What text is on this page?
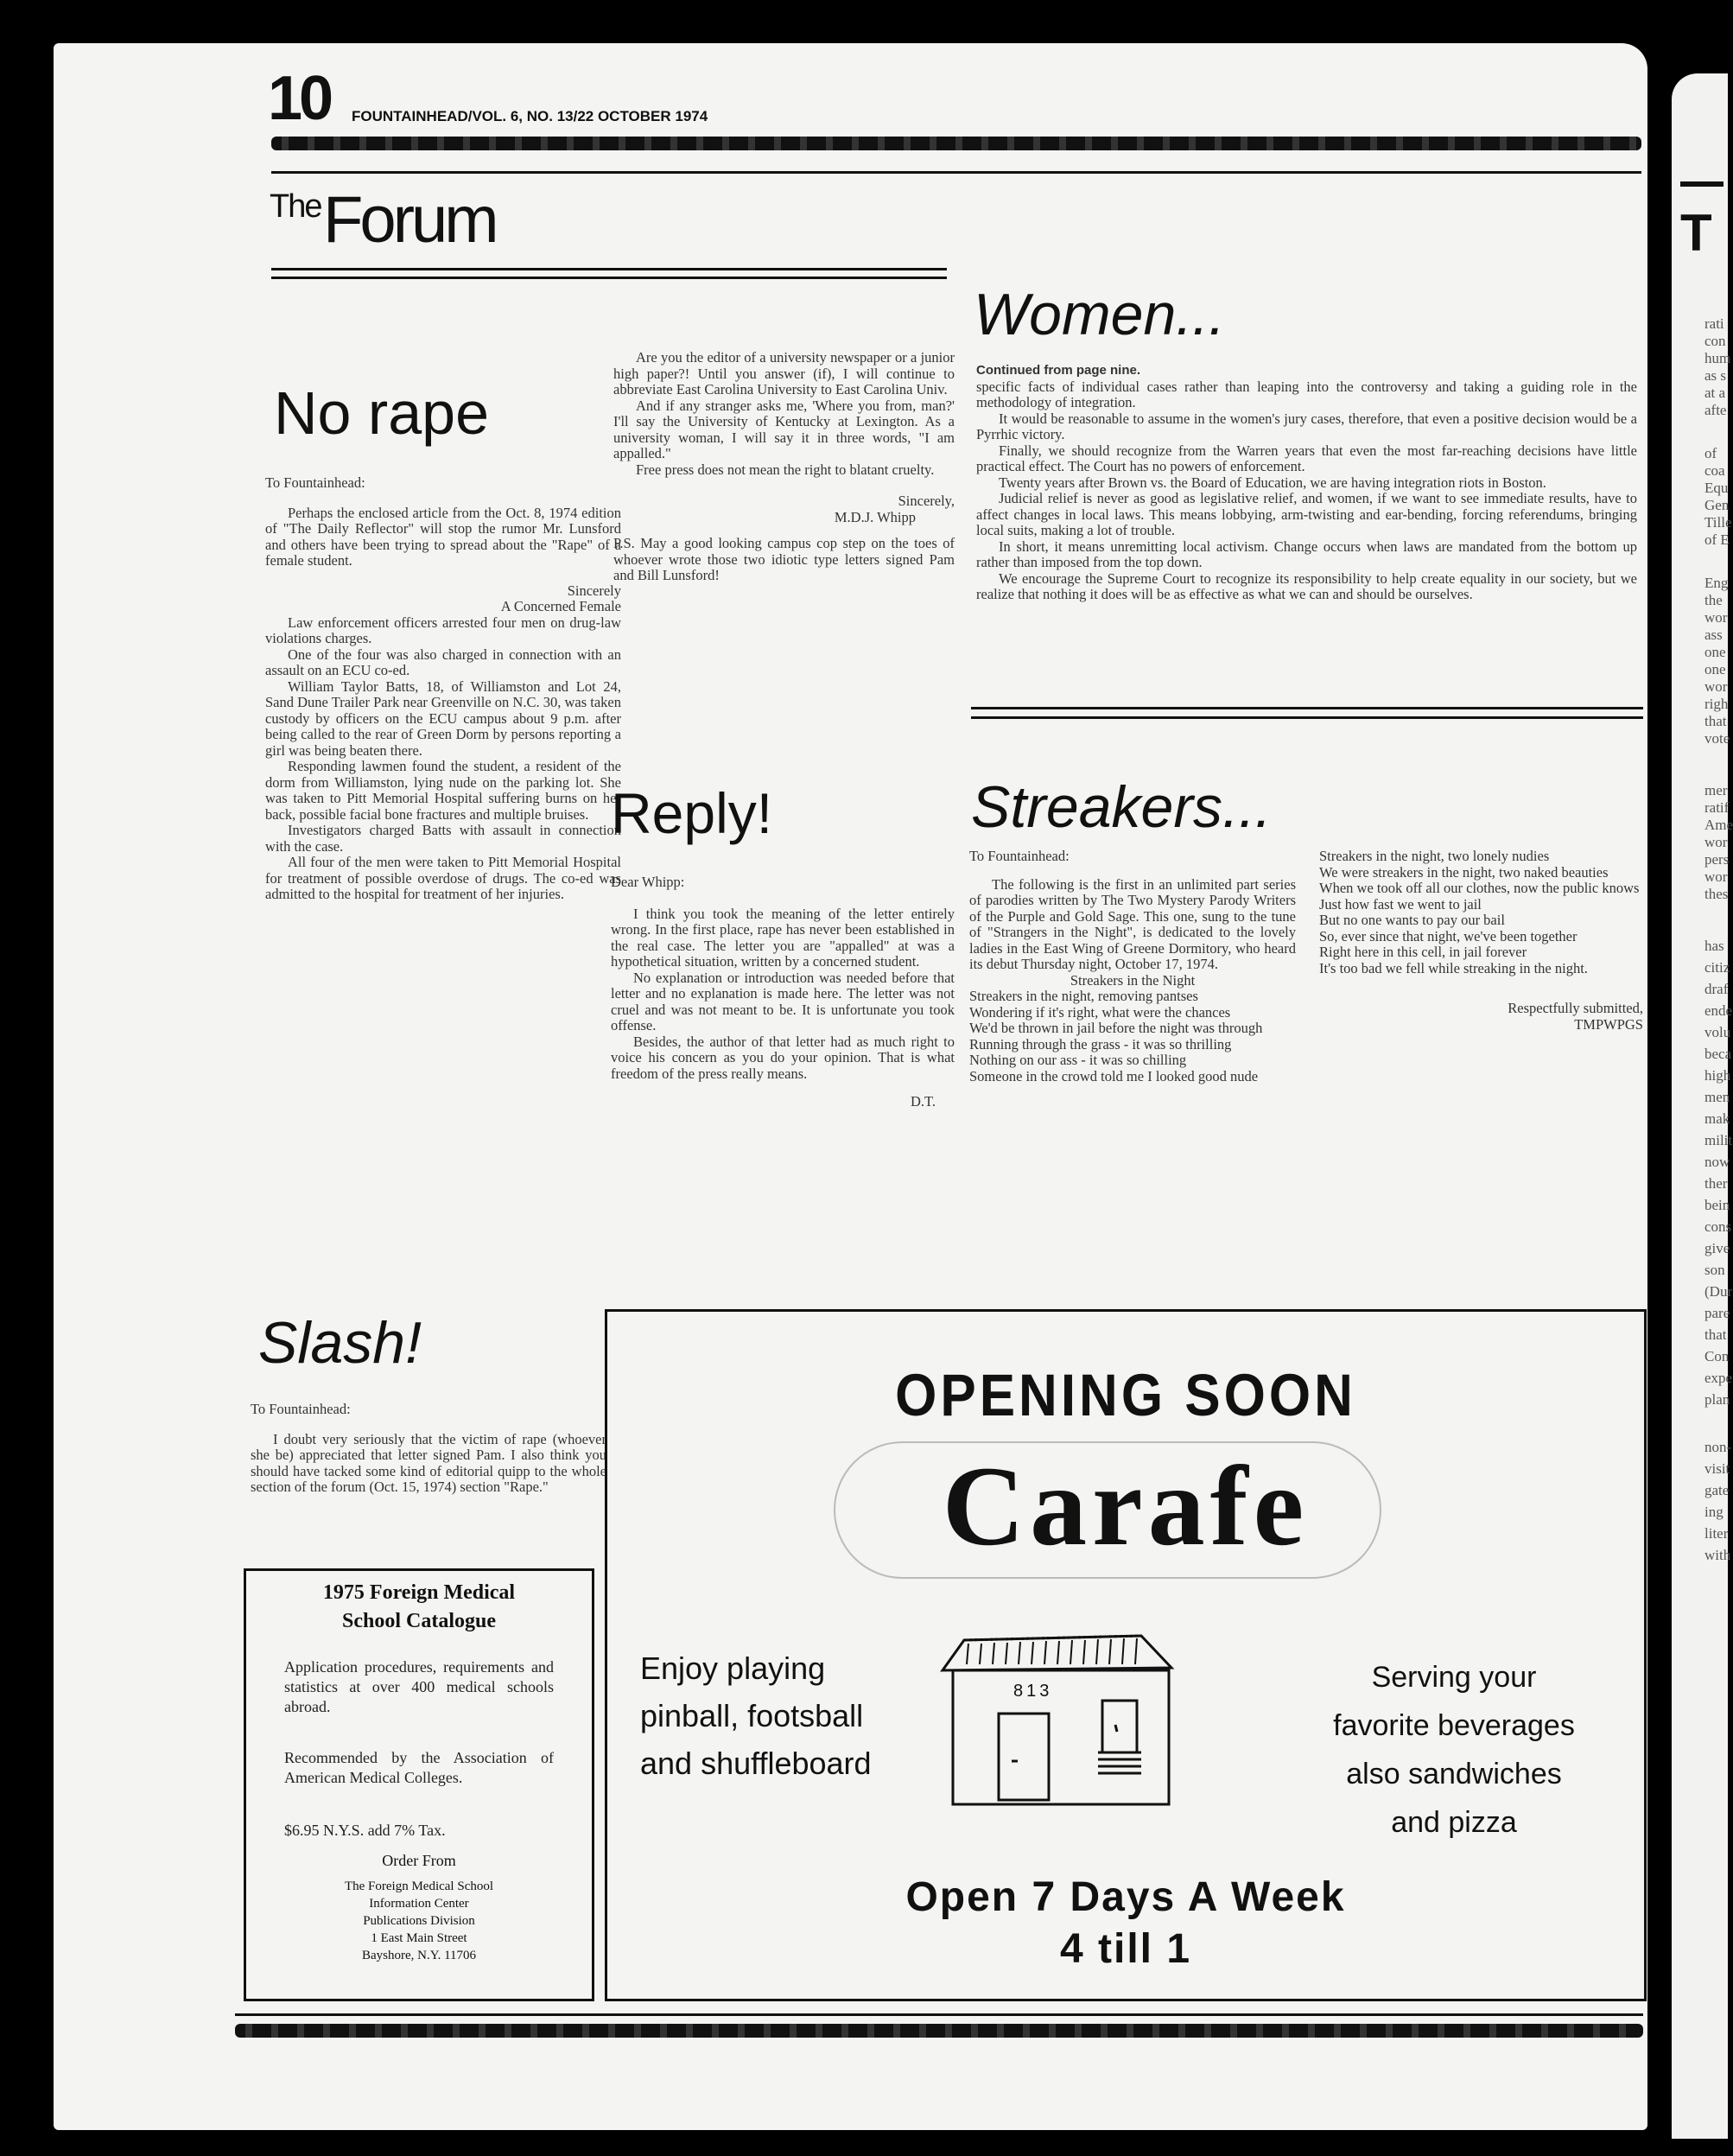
T
rati
con
hum
as s
at a
afte
of
coa
Equ
Gen
Tille
of E
Eng
the
wor
ass
one
one
wor
righ
that
vote
mer
ratif
Ame
wor
pers
wor
thes
has
citiz
draf
ende
volu
beca
high
men
mak
milit
now
ther
bein
cons
give
son
(Dur
pare
that
Con
expe
plan
non-
visit
gate
ing
liter
with
10 FOUNTAINHEAD/VOL. 6, NO. 13/22 OCTOBER 1974
The Forum
No rape

To Fountainhead:

Perhaps the enclosed article from the Oct. 8, 1974 edition of "The Daily Reflector" will stop the rumor Mr. Lunsford and others have been trying to spread about the "Rape" of a female student.

Sincerely

A Concerned Female

Law enforcement officers arrested four men on drug-law violations charges.

One of the four was also charged in connection with an assault on an ECU co-ed.

William Taylor Batts, 18, of Williamston and Lot 24, Sand Dune Trailer Park near Greenville on N.C. 30, was taken custody by officers on the ECU campus about 9 p.m. after being called to the rear of Green Dorm by persons reporting a girl was being beaten there.

Responding lawmen found the student, a resident of the dorm from Williamston, lying nude on the parking lot. She was taken to Pitt Memorial Hospital suffering burns on her back, possible facial bone fractures and multiple bruises.

Investigators charged Batts with assault in connection with the case.

All four of the men were taken to Pitt Memorial Hospital for treatment of possible overdose of drugs. The co-ed was admitted to the hospital for treatment of her injuries.

Are you the editor of a university newspaper or a junior high paper?! Until you answer (if), I will continue to abbreviate East Carolina University to East Carolina Univ.

And if any stranger asks me, 'Where you from, man?' I'll say the University of Kentucky at Lexington. As a university woman, I will say it in three words, "I am appalled."

Free press does not mean the right to blatant cruelty.

Sincerely,

M.D.J. Whipp

P.S. May a good looking campus cop step on the toes of whoever wrote those two idiotic type letters signed Pam and Bill Lunsford!

Reply!

Dear Whipp:

I think you took the meaning of the letter entirely wrong. In the first place, rape has never been established in the real case. The letter you are "appalled" at was a hypothetical situation, written by a concerned student.

No explanation or introduction was needed before that letter and no explanation is made here. The letter was not cruel and was not meant to be. It is unfortunate you took offense.

Besides, the author of that letter had as much right to voice his concern as you do your opinion. That is what freedom of the press really means.

D.T.

Women...

Continued from page nine.

specific facts of individual cases rather than leaping into the controversy and taking a guiding role in the methodology of integration.

It would be reasonable to assume in the women's jury cases, therefore, that even a positive decision would be a Pyrrhic victory.

Finally, we should recognize from the Warren years that even the most far-reaching decisions have little practical effect. The Court has no powers of enforcement.

Twenty years after Brown vs. the Board of Education, we are having integration riots in Boston.

Judicial relief is never as good as legislative relief, and women, if we want to see immediate results, have to affect changes in local laws. This means lobbying, arm-twisting and ear-bending, forcing referendums, bringing local suits, making a lot of trouble.

In short, it means unremitting local activism. Change occurs when laws are mandated from the bottom up rather than imposed from the top down.

We encourage the Supreme Court to recognize its responsibility to help create equality in our society, but we realize that nothing it does will be as effective as what we can and should be ourselves.

Streakers...

To Fountainhead:

The following is the first in an unlimited part series of parodies written by The Two Mystery Parody Writers of the Purple and Gold Sage. This one, sung to the tune of "Strangers in the Night", is dedicated to the lovely ladies in the East Wing of Greene Dormitory, who heard its debut Thursday night, October 17, 1974.

Streakers in the Night

Streakers in the night, removing pantses

Wondering if it's right, what were the chances

We'd be thrown in jail before the night was through

Running through the grass - it was so thrilling

Nothing on our ass - it was so chilling

Someone in the crowd told me I looked good nude

Streakers in the night, two lonely nudies

We were streakers in the night, two naked beauties

When we took off all our clothes, now the public knows

Just how fast we went to jail

But no one wants to pay our bail

So, ever since that night, we've been together

Right here in this cell, in jail forever

It's too bad we fell while streaking in the night.

Respectfully submitted,

TMPWPGS

Slash!

To Fountainhead:

I doubt very seriously that the victim of rape (whoever she be) appreciated that letter signed Pam. I also think you should have tacked some kind of editorial quipp to the whole section of the forum (Oct. 15, 1974) section "Rape."

1975 Foreign Medical
School Catalogue
Application procedures, requirements and statistics at over 400 medical schools abroad.
Recommended by the Association of American Medical Colleges.
$6.95 N.Y.S. add 7% Tax.
Order From
The Foreign Medical School
Information Center
Publications Division
1 East Main Street
Bayshore, N.Y. 11706
OPENING SOON
Carafe
Enjoy playing
pinball, footsball
and shuffleboard
813	Serving your
favorite beverages
also sandwiches
and pizza
Open 7 Days A Week
4 till 1
